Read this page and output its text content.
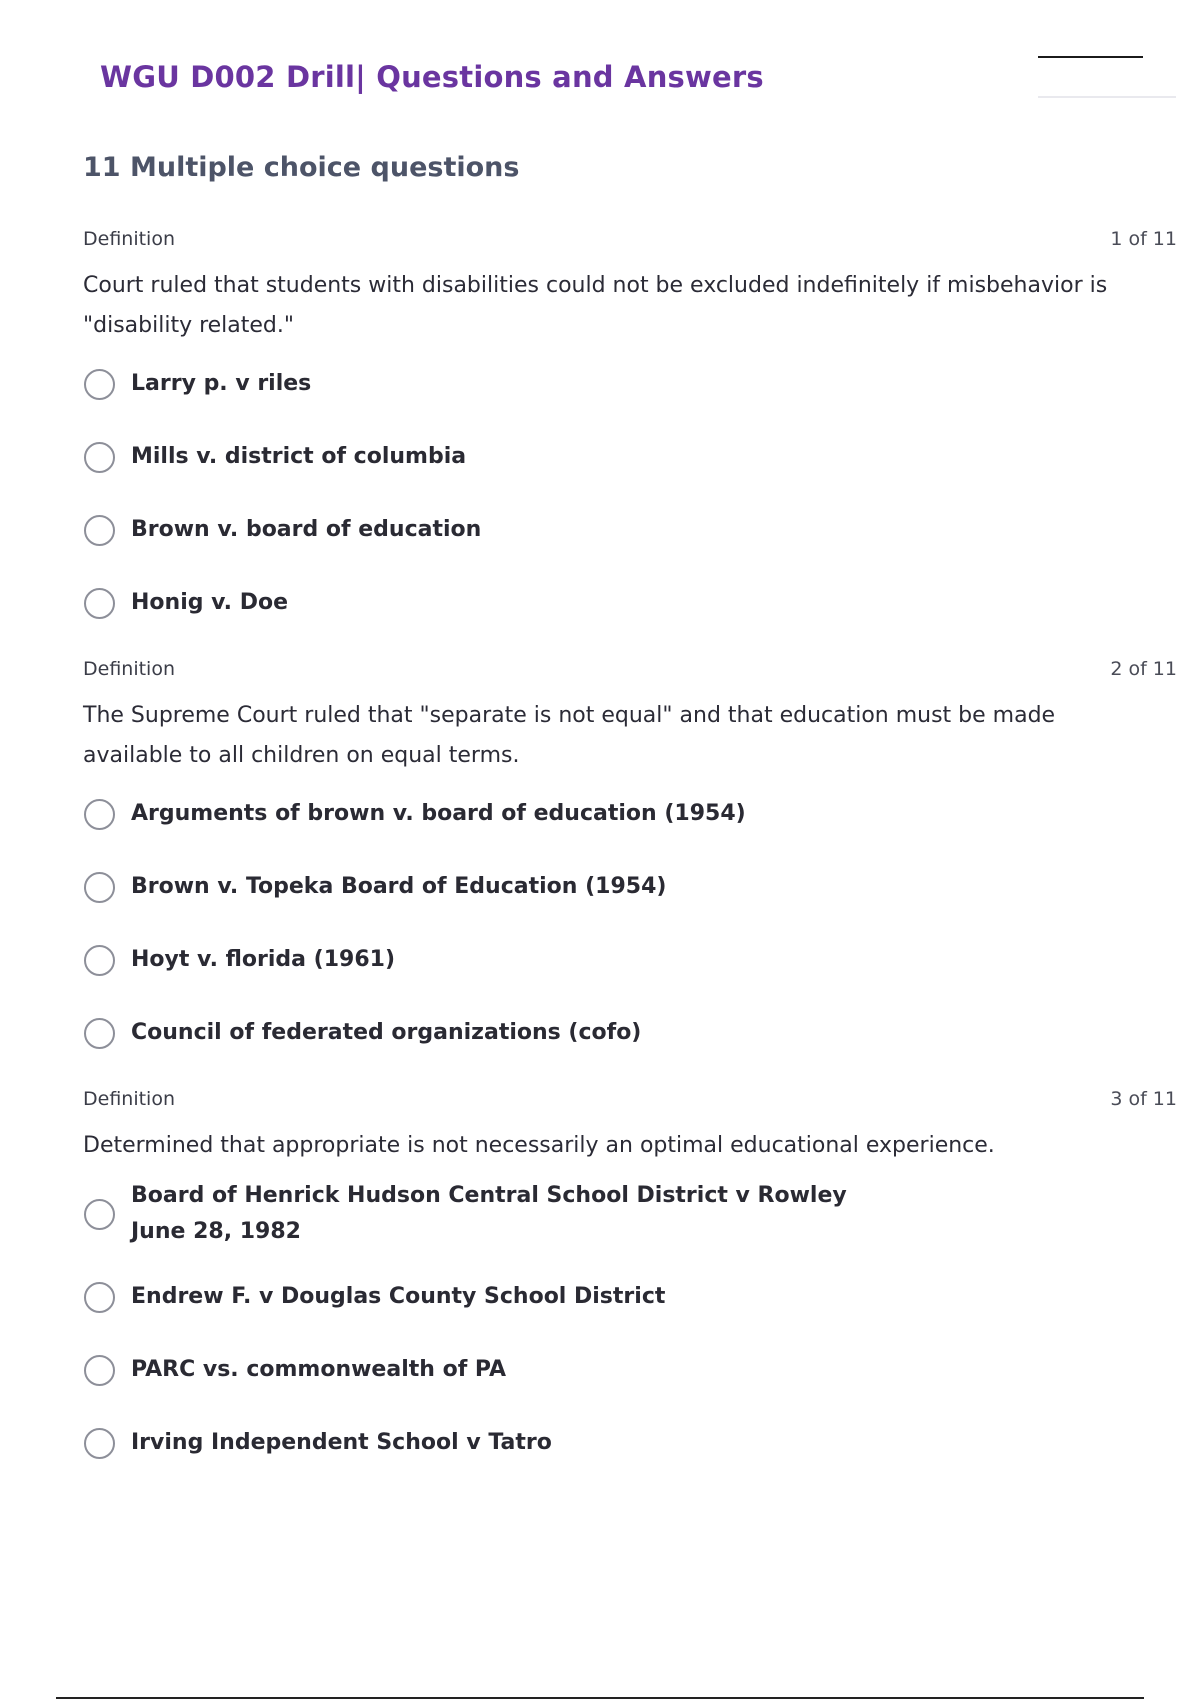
WGU D002 Drill| Questions and Answers
11 Multiple choice questions
Definition	1 of 11
Court ruled that students with disabilities could not be excluded indefinitely if misbehavior is "disability related."
Larry p. v riles
Mills v. district of columbia
Brown v. board of education
Honig v. Doe
Definition	2 of 11
The Supreme Court ruled that "separate is not equal" and that education must be made available to all children on equal terms.
Arguments of brown v. board of education (1954)
Brown v. Topeka Board of Education (1954)
Hoyt v. florida (1961)
Council of federated organizations (cofo)
Definition	3 of 11
Determined that appropriate is not necessarily an optimal educational experience.
Board of Henrick Hudson Central School District v Rowley
June 28, 1982
Endrew F. v Douglas County School District
PARC vs. commonwealth of PA
Irving Independent School v Tatro
